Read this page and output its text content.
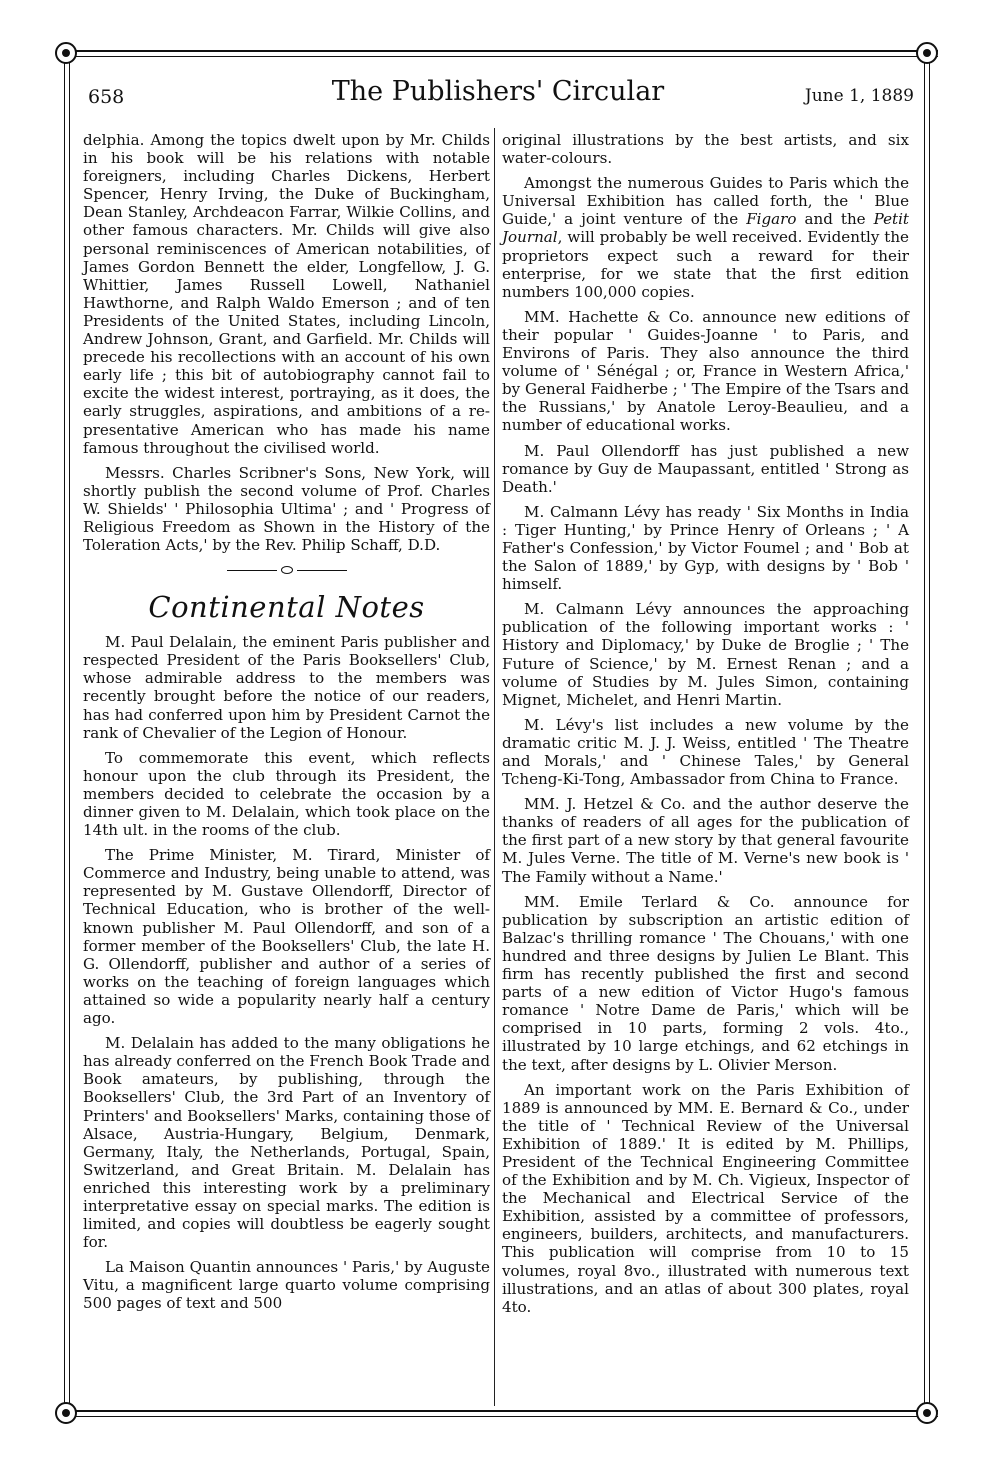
658	The Publishers' Circular	June 1, 1889

delphia. Among the topics dwelt upon by Mr. Childs in his book will be his relations with notable foreigners, including Charles Dickens, Herbert Spencer, Henry Irving, the Duke of Buckingham, Dean Stanley, Archdeacon Farrar, Wilkie Collins, and other famous characters. Mr. Childs will give also personal reminiscences of American notabilities, of James Gordon Bennett the elder, Longfellow, J. G. Whittier, James Russell Lowell, Nathaniel Hawthorne, and Ralph Waldo Emerson ; and of ten Presidents of the United States, including Lincoln, Andrew Johnson, Grant, and Garfield. Mr. Childs will precede his recollections with an account of his own early life ; this bit of autobiography cannot fail to excite the widest interest, portraying, as it does, the early struggles, aspirations, and ambitions of a representative American who has made his name famous throughout the civilised world.

Messrs. Charles Scribner's Sons, New York, will shortly publish the second volume of Prof. Charles W. Shields' ' Philosophia Ultima' ; and ' Progress of Religious Freedom as Shown in the History of the Toleration Acts,' by the Rev. Philip Schaff, D.D.

Continental Notes

M. Paul Delalain, the eminent Paris publisher and respected President of the Paris Booksellers' Club, whose admirable address to the members was recently brought before the notice of our readers, has had conferred upon him by President Carnot the rank of Chevalier of the Legion of Honour.

To commemorate this event, which reflects honour upon the club through its President, the members decided to celebrate the occasion by a dinner given to M. Delalain, which took place on the 14th ult. in the rooms of the club.

The Prime Minister, M. Tirard, Minister of Commerce and Industry, being unable to attend, was represented by M. Gustave Ollendorff, Director of Technical Education, who is brother of the well-known publisher M. Paul Ollendorff, and son of a former member of the Booksellers' Club, the late H. G. Ollendorff, publisher and author of a series of works on the teaching of foreign languages which attained so wide a popularity nearly half a century ago.

M. Delalain has added to the many obligations he has already conferred on the French Book Trade and Book amateurs, by publishing, through the Booksellers' Club, the 3rd Part of an Inventory of Printers' and Booksellers' Marks, containing those of Alsace, Austria-Hungary, Belgium, Denmark, Germany, Italy, the Netherlands, Portugal, Spain, Switzerland, and Great Britain. M. Delalain has enriched this interesting work by a preliminary interpretative essay on special marks. The edition is limited, and copies will doubtless be eagerly sought for.

La Maison Quantin announces ' Paris,' by Auguste Vitu, a magnificent large quarto volume comprising 500 pages of text and 500

original illustrations by the best artists, and six water-colours.

Amongst the numerous Guides to Paris which the Universal Exhibition has called forth, the ' Blue Guide,' a joint venture of the Figaro and the Petit Journal, will probably be well received. Evidently the proprietors expect such a reward for their enterprise, for we state that the first edition numbers 100,000 copies.

MM. Hachette & Co. announce new editions of their popular ' Guides-Joanne ' to Paris, and Environs of Paris. They also announce the third volume of ' Sénégal ; or, France in Western Africa,' by General Faidherbe ; ' The Empire of the Tsars and the Russians,' by Anatole Leroy-Beaulieu, and a number of educational works.

M. Paul Ollendorff has just published a new romance by Guy de Maupassant, entitled ' Strong as Death.'

M. Calmann Lévy has ready ' Six Months in India : Tiger Hunting,' by Prince Henry of Orleans ; ' A Father's Confession,' by Victor Foumel ; and ' Bob at the Salon of 1889,' by Gyp, with designs by ' Bob ' himself.

M. Calmann Lévy announces the approaching publication of the following important works : ' History and Diplomacy,' by Duke de Broglie ; ' The Future of Science,' by M. Ernest Renan ; and a volume of Studies by M. Jules Simon, containing Mignet, Michelet, and Henri Martin.

M. Lévy's list includes a new volume by the dramatic critic M. J. J. Weiss, entitled ' The Theatre and Morals,' and ' Chinese Tales,' by General Tcheng-Ki-Tong, Ambassador from China to France.

MM. J. Hetzel & Co. and the author deserve the thanks of readers of all ages for the publication of the first part of a new story by that general favourite M. Jules Verne. The title of M. Verne's new book is ' The Family without a Name.'

MM. Emile Terlard & Co. announce for publication by subscription an artistic edition of Balzac's thrilling romance ' The Chouans,' with one hundred and three designs by Julien Le Blant. This firm has recently published the first and second parts of a new edition of Victor Hugo's famous romance ' Notre Dame de Paris,' which will be comprised in 10 parts, forming 2 vols. 4to., illustrated by 10 large etchings, and 62 etchings in the text, after designs by L. Olivier Merson.

An important work on the Paris Exhibition of 1889 is announced by MM. E. Bernard & Co., under the title of ' Technical Review of the Universal Exhibition of 1889.' It is edited by M. Phillips, President of the Technical Engineering Committee of the Exhibition and by M. Ch. Vigieux, Inspector of the Mechanical and Electrical Service of the Exhibition, assisted by a committee of professors, engineers, builders, architects, and manufacturers. This publication will comprise from 10 to 15 volumes, royal 8vo., illustrated with numerous text illustrations, and an atlas of about 300 plates, royal 4to.
